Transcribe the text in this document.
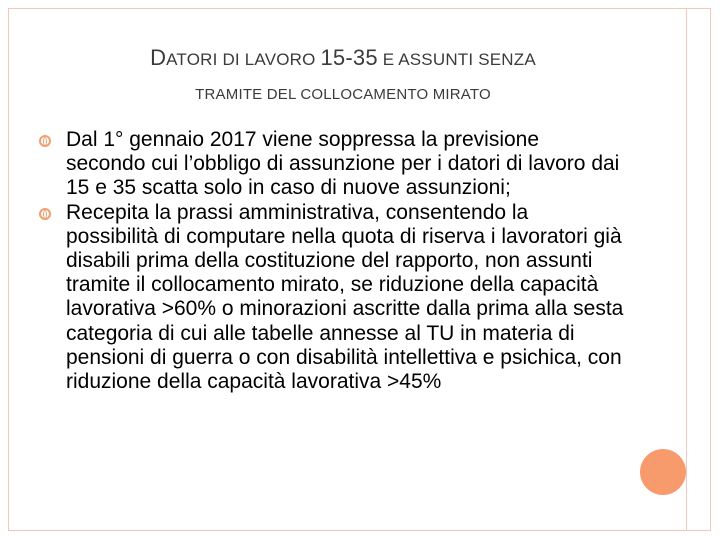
DATORI DI LAVORO 15-35 E ASSUNTI SENZA
TRAMITE DEL COLLOCAMENTO MIRATO
Dal 1° gennaio 2017 viene soppressa la previsione secondo cui l’obbligo di assunzione per i datori di lavoro dai 15 e 35 scatta solo in caso di nuove assunzioni;
Recepita la prassi amministrativa, consentendo la possibilità di computare nella quota di riserva i lavoratori già disabili prima della costituzione del rapporto, non assunti tramite il collocamento mirato, se riduzione della capacità lavorativa >60% o minorazioni ascritte dalla prima alla sesta categoria di cui alle tabelle annesse al TU in materia di pensioni di guerra o con disabilità intellettiva e psichica, con riduzione della capacità lavorativa >45%
